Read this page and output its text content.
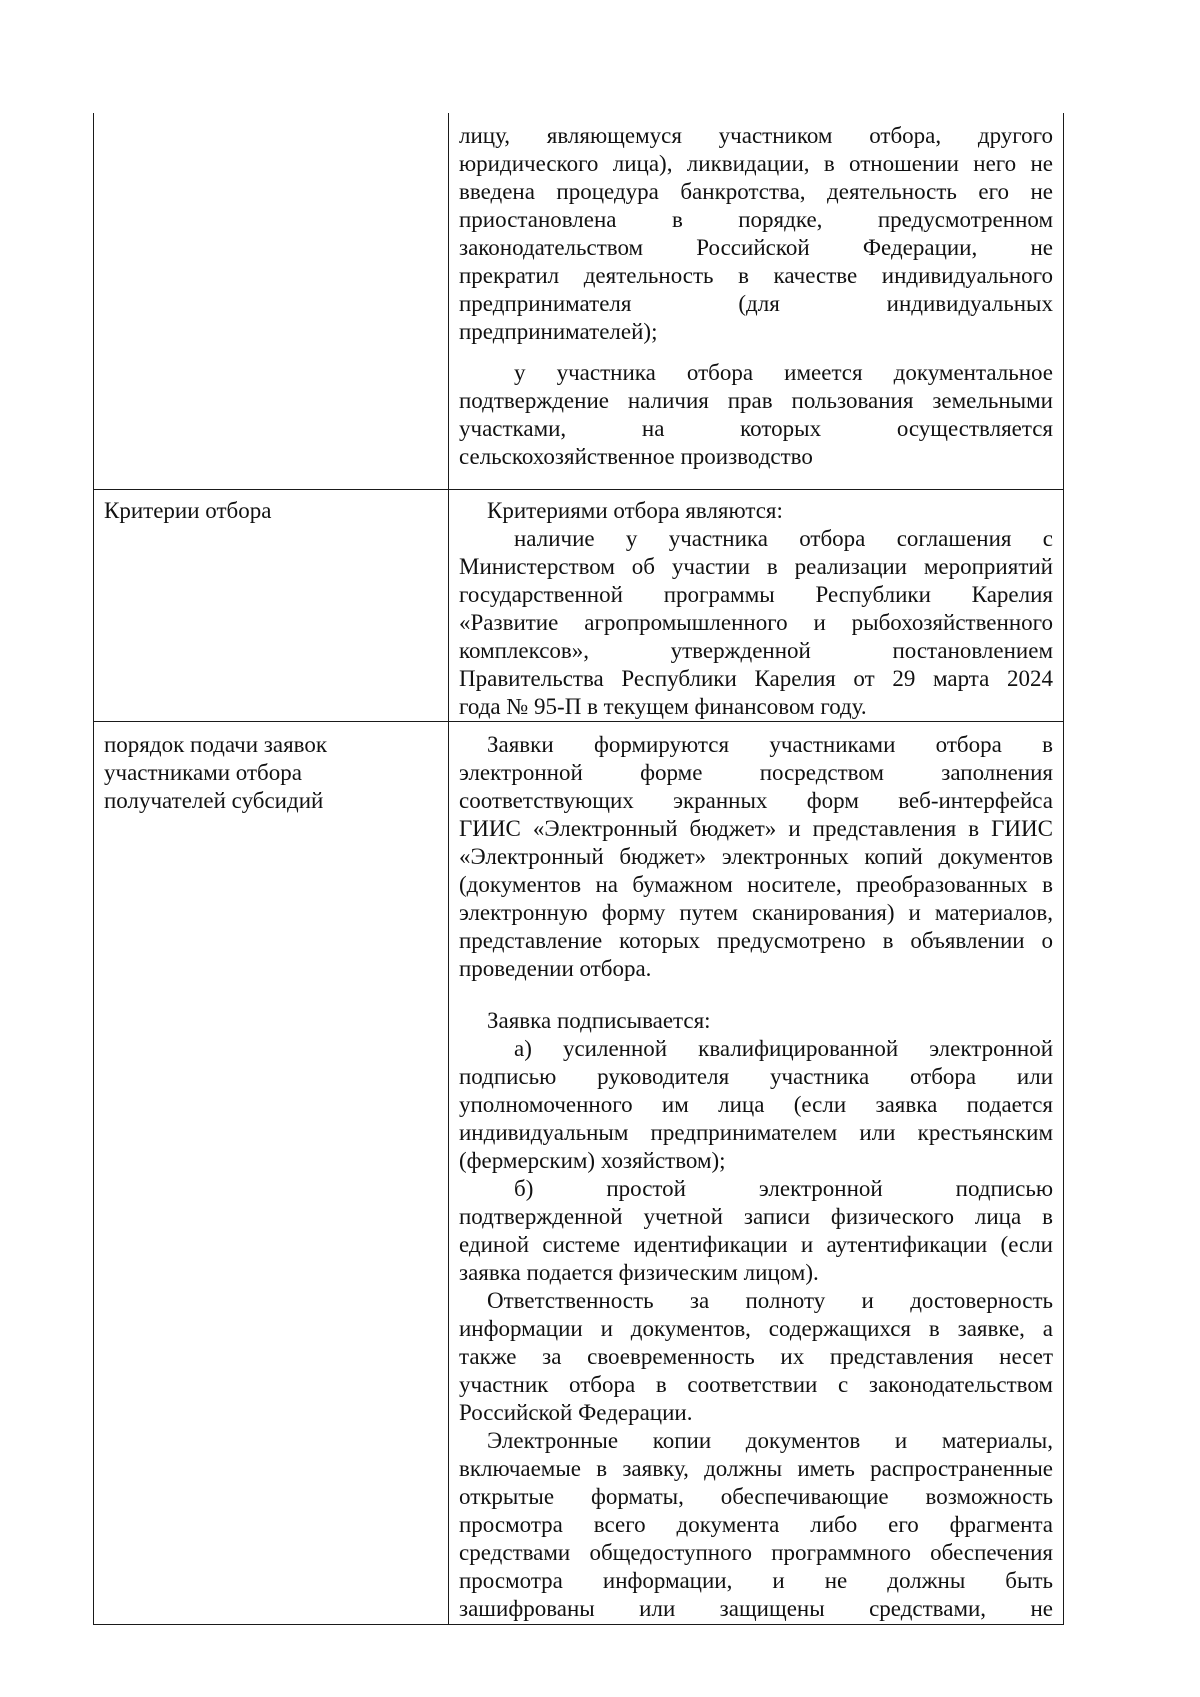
лицу, являющемуся участником отбора, другого
юридического лица), ликвидации, в отношении него не
введена процедура банкротства, деятельность его не
приостановлена в порядке, предусмотренном
законодательством Российской Федерации, не
прекратил деятельность в качестве индивидуального
предпринимателя (для индивидуальных
предпринимателей);
у участника отбора имеется документальное
подтверждение наличия прав пользования земельными
участками, на которых осуществляется
сельскохозяйственное производство
Критерии отбора	Критериями отбора являются:
наличие у участника отбора соглашения с
Министерством об участии в реализации мероприятий
государственной программы Республики Карелия
«Развитие агропромышленного и рыбохозяйственного
комплексов», утвержденной постановлением
Правительства Республики Карелия от 29 марта 2024
года № 95-П в текущем финансовом году.
порядок подачи заявок
участниками отбора
получателей субсидий
Заявки формируются участниками отбора в
электронной форме посредством заполнения
соответствующих экранных форм веб-интерфейса
ГИИС «Электронный бюджет» и представления в ГИИС
«Электронный бюджет» электронных копий документов
(документов на бумажном носителе, преобразованных в
электронную форму путем сканирования) и материалов,
представление которых предусмотрено в объявлении о
проведении отбора.
Заявка подписывается:
а) усиленной квалифицированной электронной
подписью руководителя участника отбора или
уполномоченного им лица (если заявка подается
индивидуальным предпринимателем или крестьянским
(фермерским) хозяйством);
б) простой электронной подписью
подтвержденной учетной записи физического лица в
единой системе идентификации и аутентификации (если
заявка подается физическим лицом).
Ответственность за полноту и достоверность
информации и документов, содержащихся в заявке, а
также за своевременность их представления несет
участник отбора в соответствии с законодательством
Российской Федерации.
Электронные копии документов и материалы,
включаемые в заявку, должны иметь распространенные
открытые форматы, обеспечивающие возможность
просмотра всего документа либо его фрагмента
средствами общедоступного программного обеспечения
просмотра информации, и не должны быть
зашифрованы или защищены средствами, не
